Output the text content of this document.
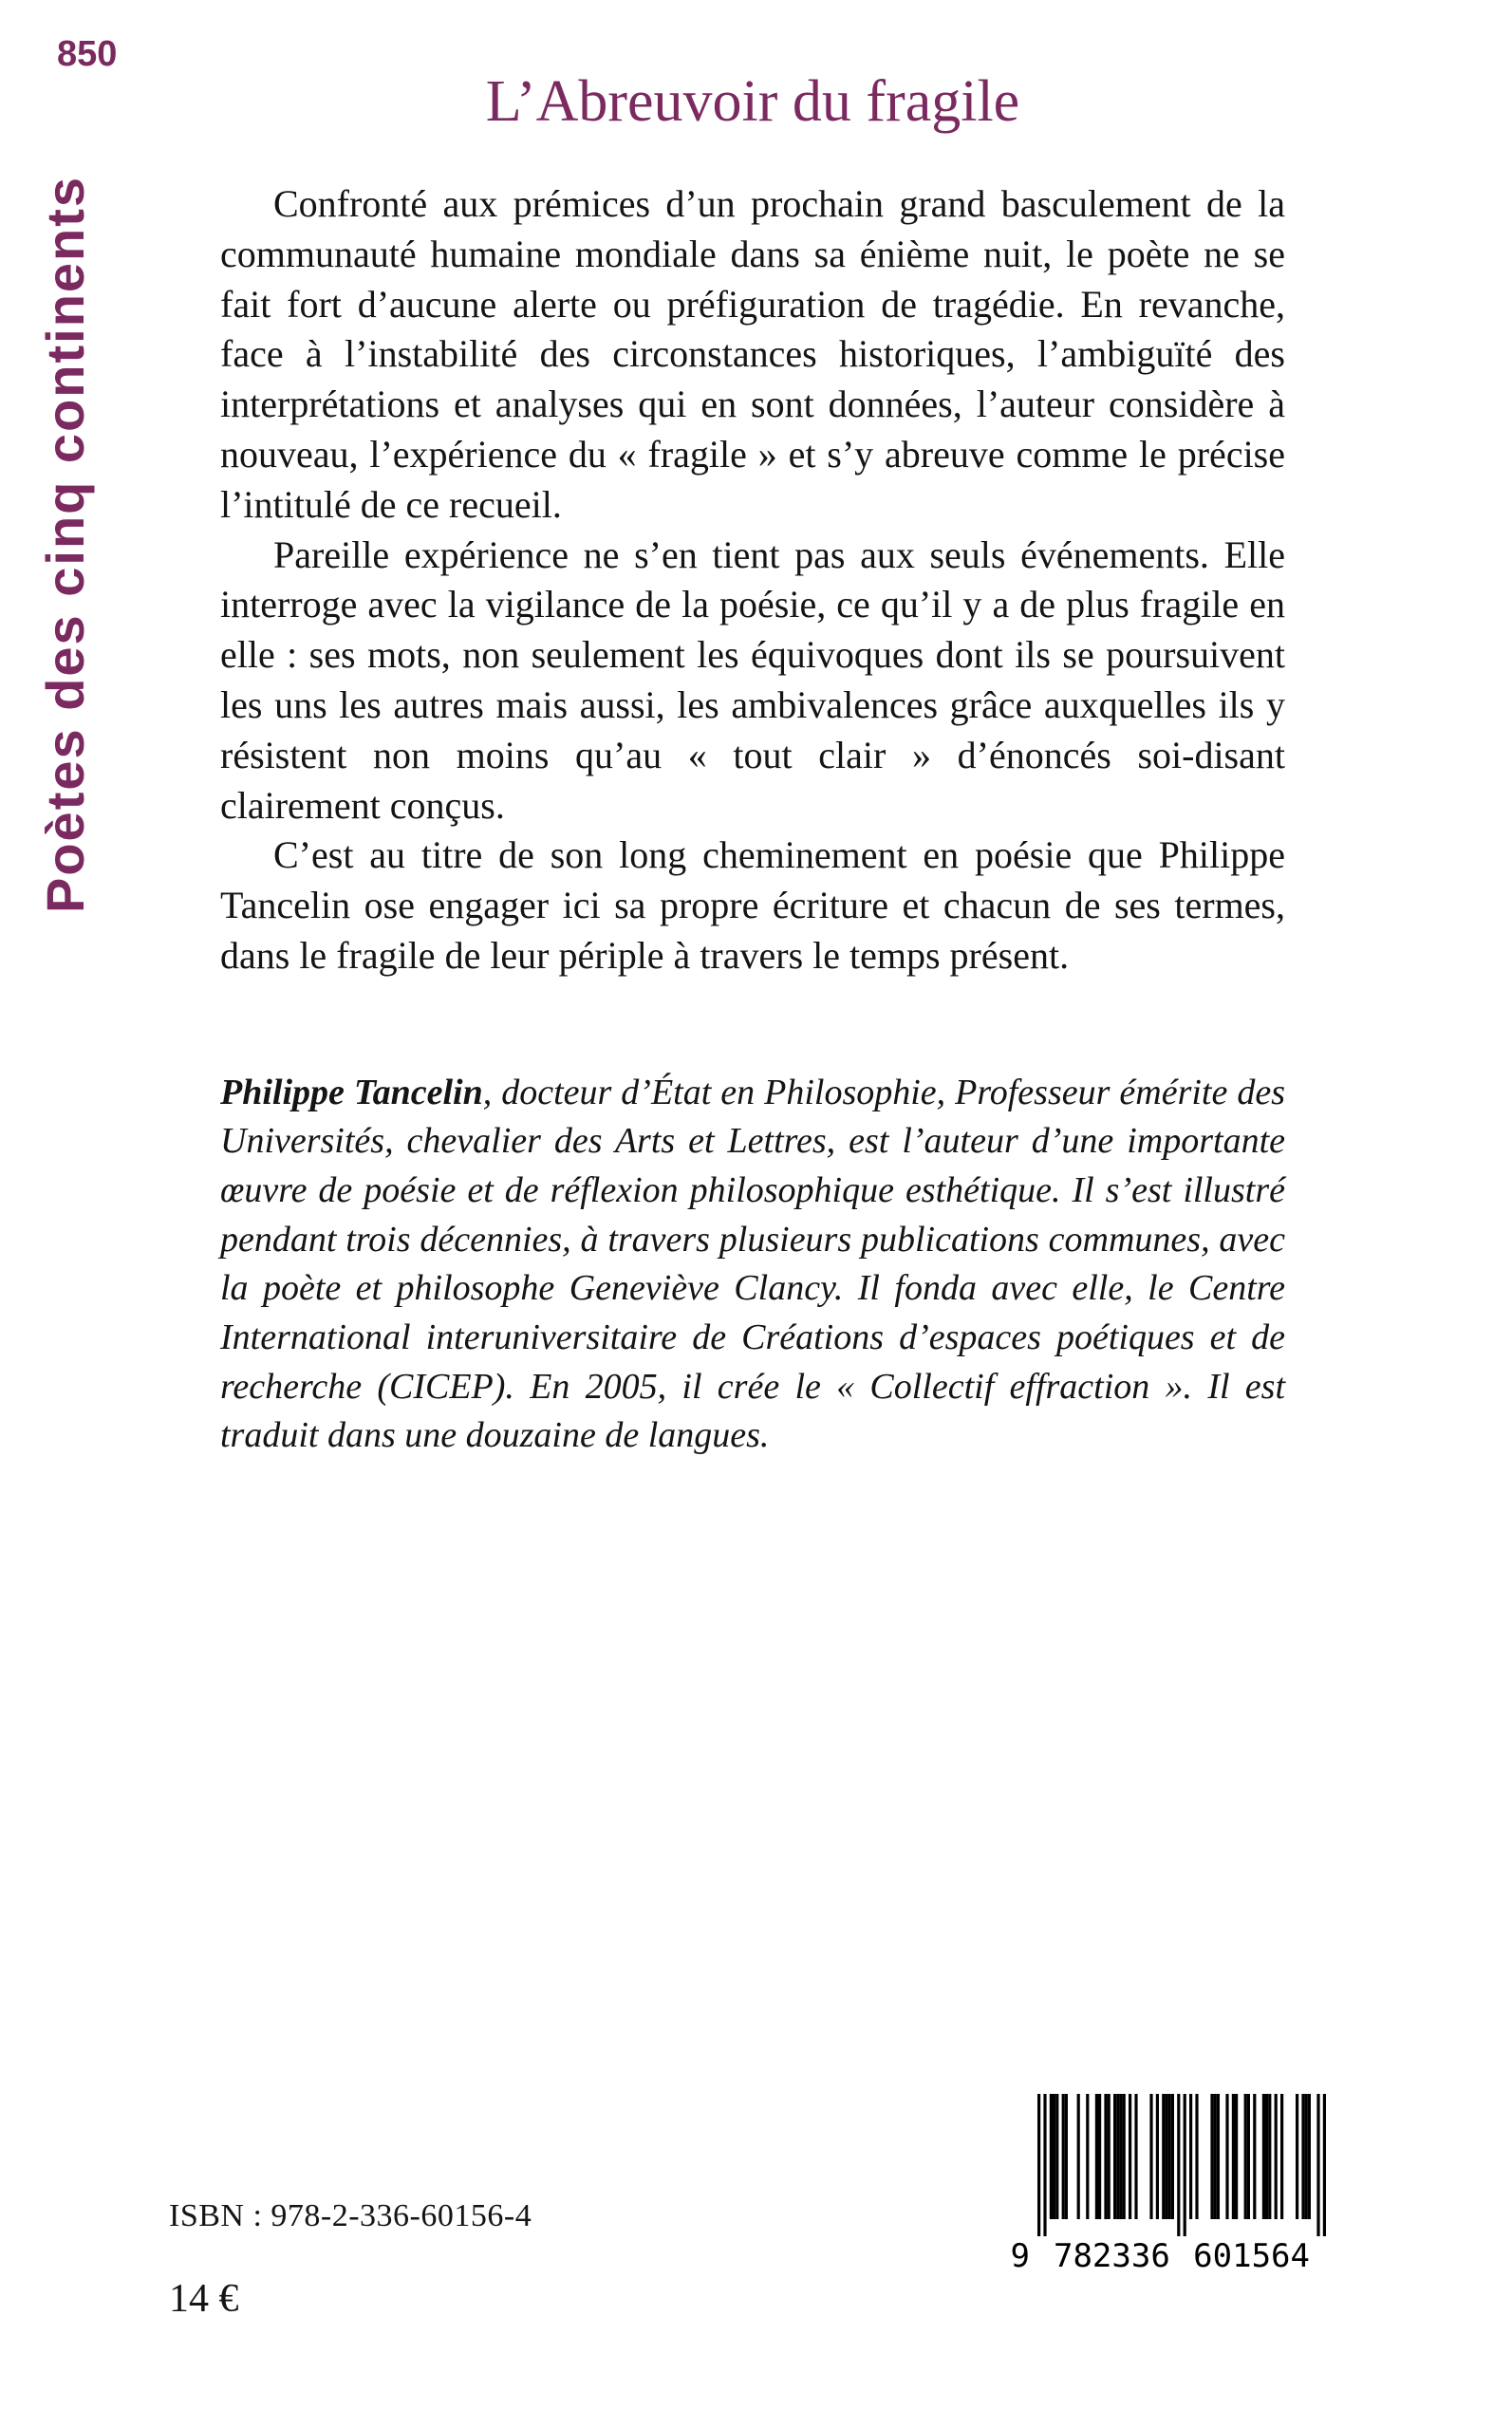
850
Poètes des cinq continents
L’Abreuvoir du fragile

Confronté aux prémices d’un prochain grand basculement de la communauté humaine mondiale dans sa énième nuit, le poète ne se fait fort d’aucune alerte ou préfiguration de tragédie. En revanche, face à l’instabilité des circonstances historiques, l’ambiguïté des interprétations et analyses qui en sont données, l’auteur considère à nouveau, l’expérience du « fragile » et s’y abreuve comme le précise l’intitulé de ce recueil.

Pareille expérience ne s’en tient pas aux seuls événements. Elle interroge avec la vigilance de la poésie, ce qu’il y a de plus fragile en elle : ses mots, non seulement les équivoques dont ils se poursuivent les uns les autres mais aussi, les ambivalences grâce auxquelles ils y résistent non moins qu’au « tout clair » d’énoncés soi-disant clairement conçus.

C’est au titre de son long cheminement en poésie que Philippe Tancelin ose engager ici sa propre écriture et chacun de ses termes, dans le fragile de leur périple à travers le temps présent.

Philippe Tancelin, docteur d’État en Philosophie, Professeur émérite des Universités, chevalier des Arts et Lettres, est l’auteur d’une importante œuvre de poésie et de réflexion philosophique esthétique. Il s’est illustré pendant trois décennies, à travers plusieurs publications communes, avec la poète et philosophe Geneviève Clancy. Il fonda avec elle, le Centre International interuniversitaire de Créations d’espaces poétiques et de recherche (CICEP). En 2005, il crée le « Collectif effraction ». Il est traduit dans une douzaine de langues.

ISBN : 978-2-336-60156-4
14 €
9 782336 601564
